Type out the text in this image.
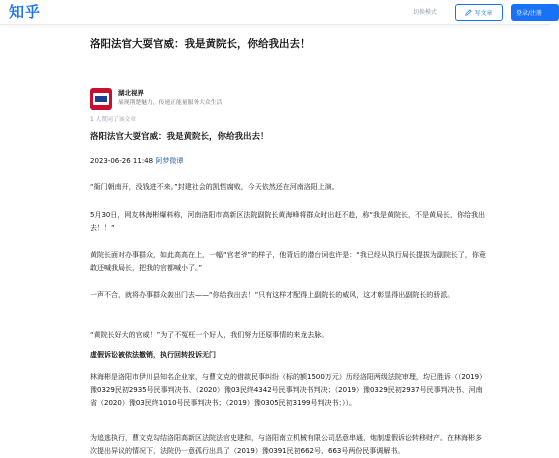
知乎	切换模式	写文章	登录/注册
洛阳法官大耍官威：我是黄院长，你给我出去！
湖北视界
展现荆楚魅力，传递正能量服务大众生活
1 人赞同了该文章
洛阳法官大耍官威：我是黄院长，你给我出去！
2023-06-26 11:48 阿梦微谭

“衙门朝南开，没钱进不来。”封建社会的凯哲腐败，今天依然还在河南洛阳上演。

5月30日，网友林海彬爆料称，河南洛阳市高新区法院副院长黄海峰将群众时出赶不趁，称“我是黄院长，不是黄局长，你给我出去！！”

黄院长面对办事群众，如此高高在上，一幅“官老爷”的样子，他背后的潜台词也许是：“我已经从执行局长提拔为副院长了，你竟敢还喊我局长，把我的官都喊小了。”

一声不合，就将办事群众轰出门去——“你给我出去！”只有这样才配得上副院长的威风，这才彰显得出副院长的骄派。

“黄院长好大的官威！”为了不冤枉一个好人，我们努力还原事情的来龙去脉。

虚假诉讼被依法撤销，执行回转投诉无门

林海彬是洛阳市伊川县知名企业家，与曹文克的借款民事纠纷（标的额1500万元）历经洛阳两级法院审理，均已胜诉（（2019）豫0329民初2935号民事判决书、（2020）豫03民终4342号民事判决书判决；（2019）豫0329民初2937号民事判决书、河南省（2020）豫03民终1010号民事判决书；（2019）豫0305民初3199号判决书；））。

为追逃执行，曹文克勾结洛阳高新区法院法官史建和，与洛阳南立机械有限公司恶意串通，炮制虚假诉讼转移财产。在林海彬多次提出异议的情况下，法院仍一意孤行出具了（2019）豫0391民初662号、663号两份民事调解书。
